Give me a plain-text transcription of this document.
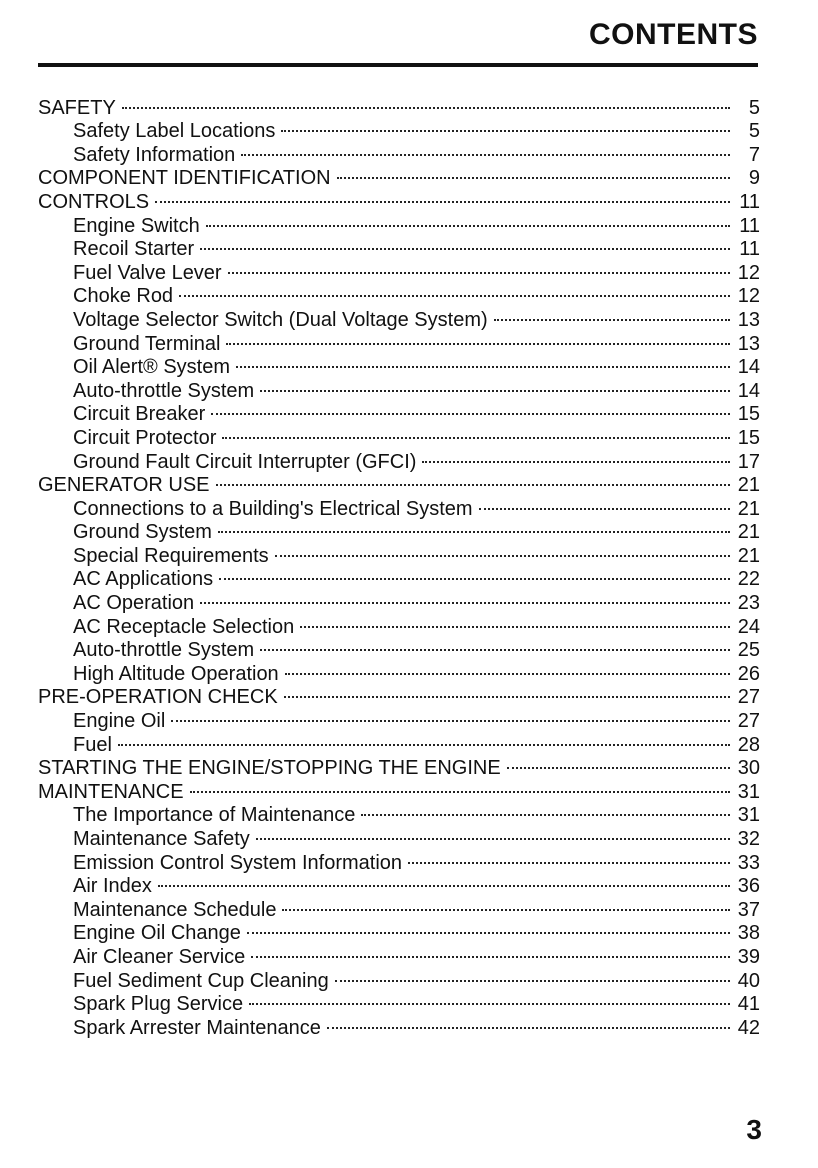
CONTENTS
SAFETY	5
Safety Label Locations	5
Safety Information	7
COMPONENT IDENTIFICATION	9
CONTROLS	11
Engine Switch	11
Recoil Starter	11
Fuel Valve Lever	12
Choke Rod	12
Voltage Selector Switch (Dual Voltage System)	13
Ground Terminal	13
Oil Alert® System	14
Auto-throttle System	14
Circuit Breaker	15
Circuit Protector	15
Ground Fault Circuit Interrupter (GFCI)	17
GENERATOR USE	21
Connections to a Building's Electrical System	21
Ground System	21
Special Requirements	21
AC Applications	22
AC Operation	23
AC Receptacle Selection	24
Auto-throttle System	25
High Altitude Operation	26
PRE-OPERATION CHECK	27
Engine Oil	27
Fuel	28
STARTING THE ENGINE/STOPPING THE ENGINE	30
MAINTENANCE	31
The Importance of Maintenance	31
Maintenance Safety	32
Emission Control System Information	33
Air Index	36
Maintenance Schedule	37
Engine Oil Change	38
Air Cleaner Service	39
Fuel Sediment Cup Cleaning	40
Spark Plug Service	41
Spark Arrester Maintenance	42
3
